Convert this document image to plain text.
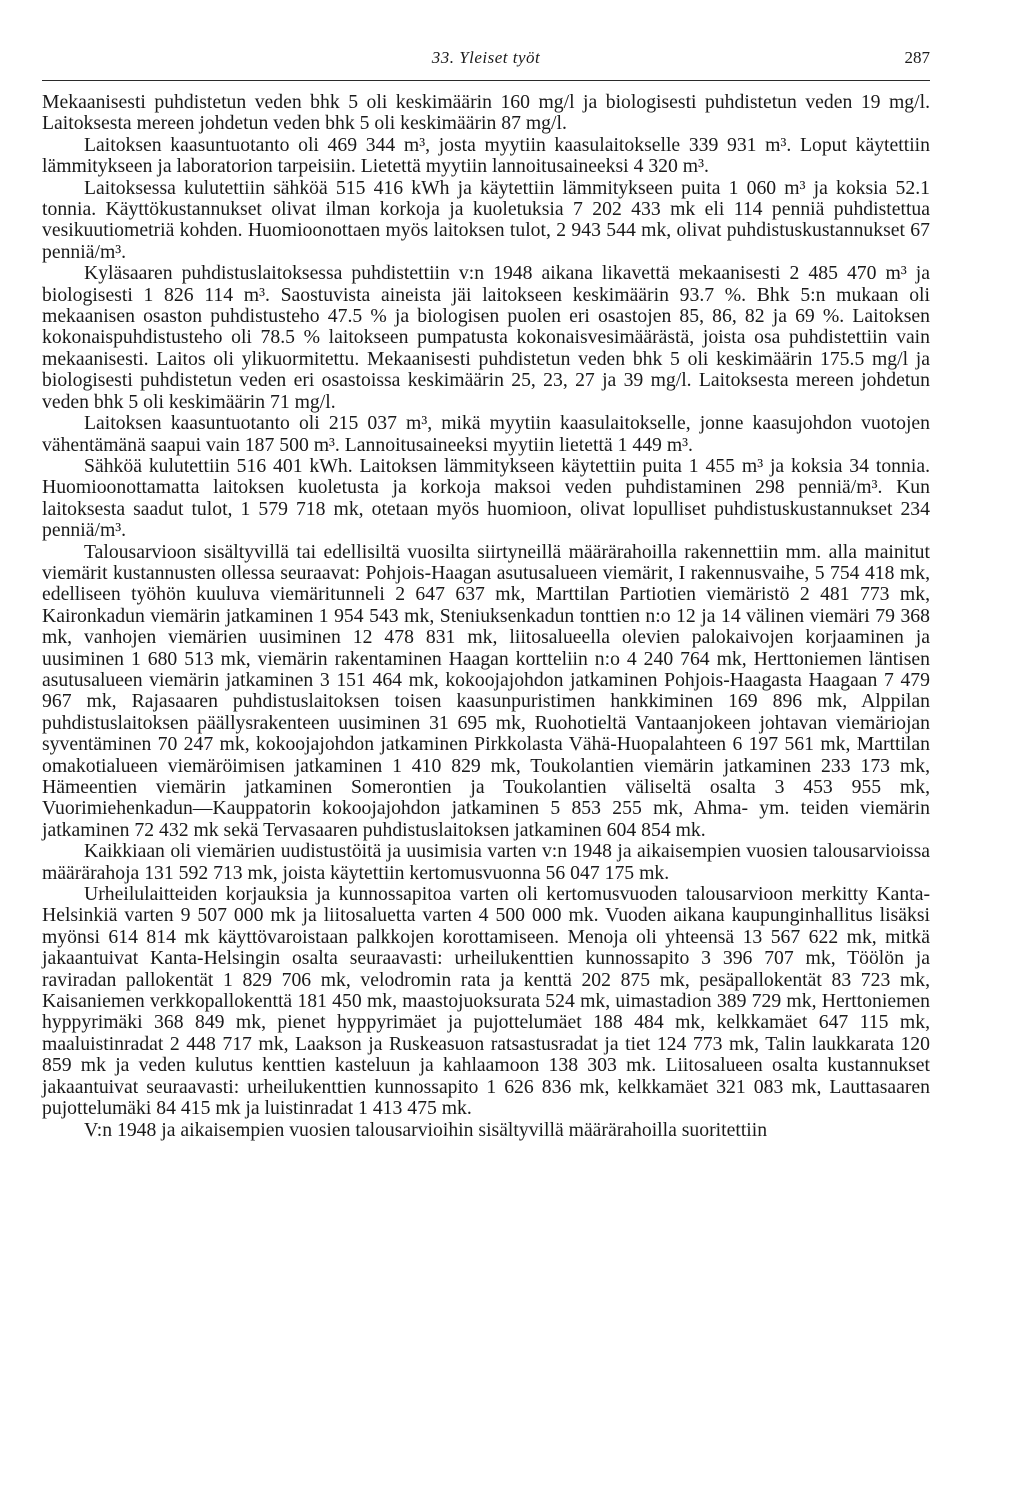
33. Yleiset työt	287

Mekaanisesti puhdistetun veden bhk 5 oli keskimäärin 160 mg/l ja biologisesti puhdistetun veden 19 mg/l. Laitoksesta mereen johdetun veden bhk 5 oli keskimäärin 87 mg/l.

Laitoksen kaasuntuotanto oli 469 344 m³, josta myytiin kaasulaitokselle 339 931 m³. Loput käytettiin lämmitykseen ja laboratorion tarpeisiin. Lietettä myytiin lannoitusaineeksi 4 320 m³.

Laitoksessa kulutettiin sähköä 515 416 kWh ja käytettiin lämmitykseen puita 1 060 m³ ja koksia 52.1 tonnia. Käyttökustannukset olivat ilman korkoja ja kuoletuksia 7 202 433 mk eli 114 penniä puhdistettua vesikuutiometriä kohden. Huomioonottaen myös laitoksen tulot, 2 943 544 mk, olivat puhdistuskustannukset 67 penniä/m³.

Kyläsaaren puhdistuslaitoksessa puhdistettiin v:n 1948 aikana likavettä mekaanisesti 2 485 470 m³ ja biologisesti 1 826 114 m³. Saostuvista aineista jäi laitokseen keskimäärin 93.7 %. Bhk 5:n mukaan oli mekaanisen osaston puhdistusteho 47.5 % ja biologisen puolen eri osastojen 85, 86, 82 ja 69 %. Laitoksen kokonaispuhdistusteho oli 78.5 % laitokseen pumpatusta kokonaisvesimäärästä, joista osa puhdistettiin vain mekaanisesti. Laitos oli ylikuormitettu. Mekaanisesti puhdistetun veden bhk 5 oli keskimäärin 175.5 mg/l ja biologisesti puhdistetun veden eri osastoissa keskimäärin 25, 23, 27 ja 39 mg/l. Laitoksesta mereen johdetun veden bhk 5 oli keskimäärin 71 mg/l.

Laitoksen kaasuntuotanto oli 215 037 m³, mikä myytiin kaasulaitokselle, jonne kaasujohdon vuotojen vähentämänä saapui vain 187 500 m³. Lannoitusaineeksi myytiin lietettä 1 449 m³.

Sähköä kulutettiin 516 401 kWh. Laitoksen lämmitykseen käytettiin puita 1 455 m³ ja koksia 34 tonnia. Huomioonottamatta laitoksen kuoletusta ja korkoja maksoi veden puhdistaminen 298 penniä/m³. Kun laitoksesta saadut tulot, 1 579 718 mk, otetaan myös huomioon, olivat lopulliset puhdistuskustannukset 234 penniä/m³.

Talousarvioon sisältyvillä tai edellisiltä vuosilta siirtyneillä määrärahoilla rakennettiin mm. alla mainitut viemärit kustannusten ollessa seuraavat: Pohjois-Haagan asutusalueen viemärit, I rakennusvaihe, 5 754 418 mk, edelliseen työhön kuuluva viemäritunneli 2 647 637 mk, Marttilan Partiotien viemäristö 2 481 773 mk, Kaironkadun viemärin jatkaminen 1 954 543 mk, Steniuksenkadun tonttien n:o 12 ja 14 välinen viemäri 79 368 mk, vanhojen viemärien uusiminen 12 478 831 mk, liitosalueella olevien palokaivojen korjaaminen ja uusiminen 1 680 513 mk, viemärin rakentaminen Haagan kortteliin n:o 4 240 764 mk, Herttoniemen läntisen asutusalueen viemärin jatkaminen 3 151 464 mk, kokoojajohdon jatkaminen Pohjois-Haagasta Haagaan 7 479 967 mk, Rajasaaren puhdistuslaitoksen toisen kaasunpuristimen hankkiminen 169 896 mk, Alppilan puhdistuslaitoksen päällysrakenteen uusiminen 31 695 mk, Ruohotieltä Vantaanjokeen johtavan viemäriojan syventäminen 70 247 mk, kokoojajohdon jatkaminen Pirkkolasta Vähä-Huopalahteen 6 197 561 mk, Marttilan omakotialueen viemäröimisen jatkaminen 1 410 829 mk, Toukolantien viemärin jatkaminen 233 173 mk, Hämeentien viemärin jatkaminen Somerontien ja Toukolantien väliseltä osalta 3 453 955 mk, Vuorimiehenkadun—Kauppatorin kokoojajohdon jatkaminen 5 853 255 mk, Ahma- ym. teiden viemärin jatkaminen 72 432 mk sekä Tervasaaren puhdistuslaitoksen jatkaminen 604 854 mk.

Kaikkiaan oli viemärien uudistustöitä ja uusimisia varten v:n 1948 ja aikaisempien vuosien talousarvioissa määrärahoja 131 592 713 mk, joista käytettiin kertomusvuonna 56 047 175 mk.

Urheilulaitteiden korjauksia ja kunnossapitoa varten oli kertomusvuoden talousarvioon merkitty Kanta-Helsinkiä varten 9 507 000 mk ja liitosaluetta varten 4 500 000 mk. Vuoden aikana kaupunginhallitus lisäksi myönsi 614 814 mk käyttövaroistaan palkkojen korottamiseen. Menoja oli yhteensä 13 567 622 mk, mitkä jakaantuivat Kanta-Helsingin osalta seuraavasti: urheilukenttien kunnossapito 3 396 707 mk, Töölön ja raviradan pallokentät 1 829 706 mk, velodromin rata ja kenttä 202 875 mk, pesäpallokentät 83 723 mk, Kaisaniemen verkkopallokenttä 181 450 mk, maastojuoksurata 524 mk, uimastadion 389 729 mk, Herttoniemen hyppyrimäki 368 849 mk, pienet hyppyrimäet ja pujottelumäet 188 484 mk, kelkkamäet 647 115 mk, maaluistinradat 2 448 717 mk, Laakson ja Ruskeasuon ratsastusradat ja tiet 124 773 mk, Talin laukkarata 120 859 mk ja veden kulutus kenttien kasteluun ja kahlaamoon 138 303 mk. Liitosalueen osalta kustannukset jakaantuivat seuraavasti: urheilukenttien kunnossapito 1 626 836 mk, kelkkamäet 321 083 mk, Lauttasaaren pujottelumäki 84 415 mk ja luistinradat 1 413 475 mk.

V:n 1948 ja aikaisempien vuosien talousarvioihin sisältyvillä määrärahoilla suoritettiin
